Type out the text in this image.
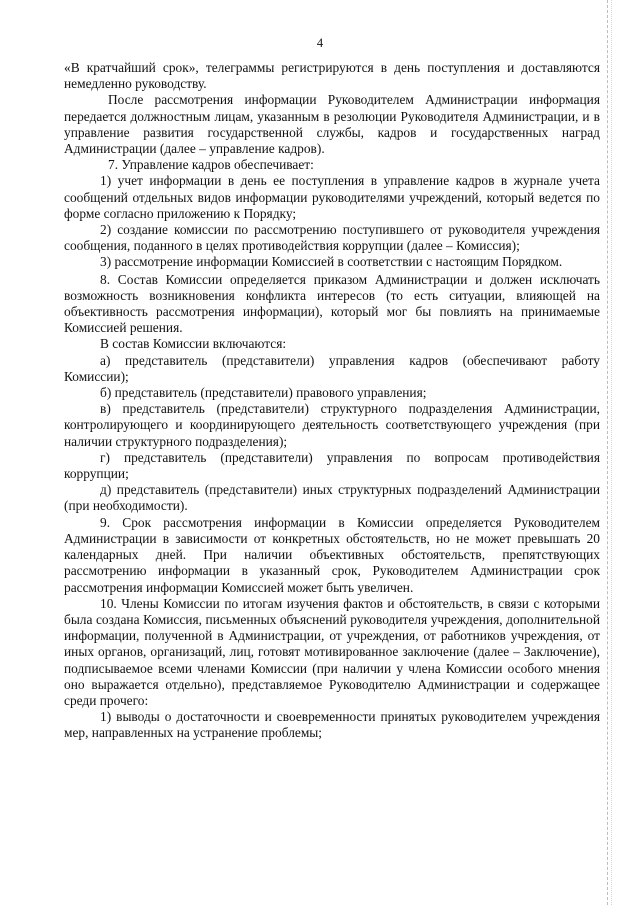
4

«В кратчайший срок», телеграммы регистрируются в день поступления и доставляются немедленно руководству.

После рассмотрения информации Руководителем Администрации информация передается должностным лицам, указанным в резолюции Руководителя Администрации, и в управление развития государственной службы, кадров и государственных наград Администрации (далее – управление кадров).

7. Управление кадров обеспечивает:

1) учет информации в день ее поступления в управление кадров в журнале учета сообщений отдельных видов информации руководителями учреждений, который ведется по форме согласно приложению к Порядку;

2) создание комиссии по рассмотрению поступившего от руководителя учреждения сообщения, поданного в целях противодействия коррупции (далее – Комиссия);

3) рассмотрение информации Комиссией в соответствии с настоящим Порядком.

8. Состав Комиссии определяется приказом Администрации и должен исключать возможность возникновения конфликта интересов (то есть ситуации, влияющей на объективность рассмотрения информации), который мог бы повлиять на принимаемые Комиссией решения.

В состав Комиссии включаются:

а) представитель (представители) управления кадров (обеспечивают работу Комиссии);

б) представитель (представители) правового управления;

в) представитель (представители) структурного подразделения Администрации, контролирующего и координирующего деятельность соответствующего учреждения (при наличии структурного подразделения);

г) представитель (представители) управления по вопросам противодействия коррупции;

д) представитель (представители) иных структурных подразделений Администрации (при необходимости).

9. Срок рассмотрения информации в Комиссии определяется Руководителем Администрации в зависимости от конкретных обстоятельств, но не может превышать 20 календарных дней. При наличии объективных обстоятельств, препятствующих рассмотрению информации в указанный срок, Руководителем Администрации срок рассмотрения информации Комиссией может быть увеличен.

10. Члены Комиссии по итогам изучения фактов и обстоятельств, в связи с которыми была создана Комиссия, письменных объяснений руководителя учреждения, дополнительной информации, полученной в Администрации, от учреждения, от работников учреждения, от иных органов, организаций, лиц, готовят мотивированное заключение (далее – Заключение), подписываемое всеми членами Комиссии (при наличии у члена Комиссии особого мнения оно выражается отдельно), представляемое Руководителю Администрации и содержащее среди прочего:

1) выводы о достаточности и своевременности принятых руководителем учреждения мер, направленных на устранение проблемы;
